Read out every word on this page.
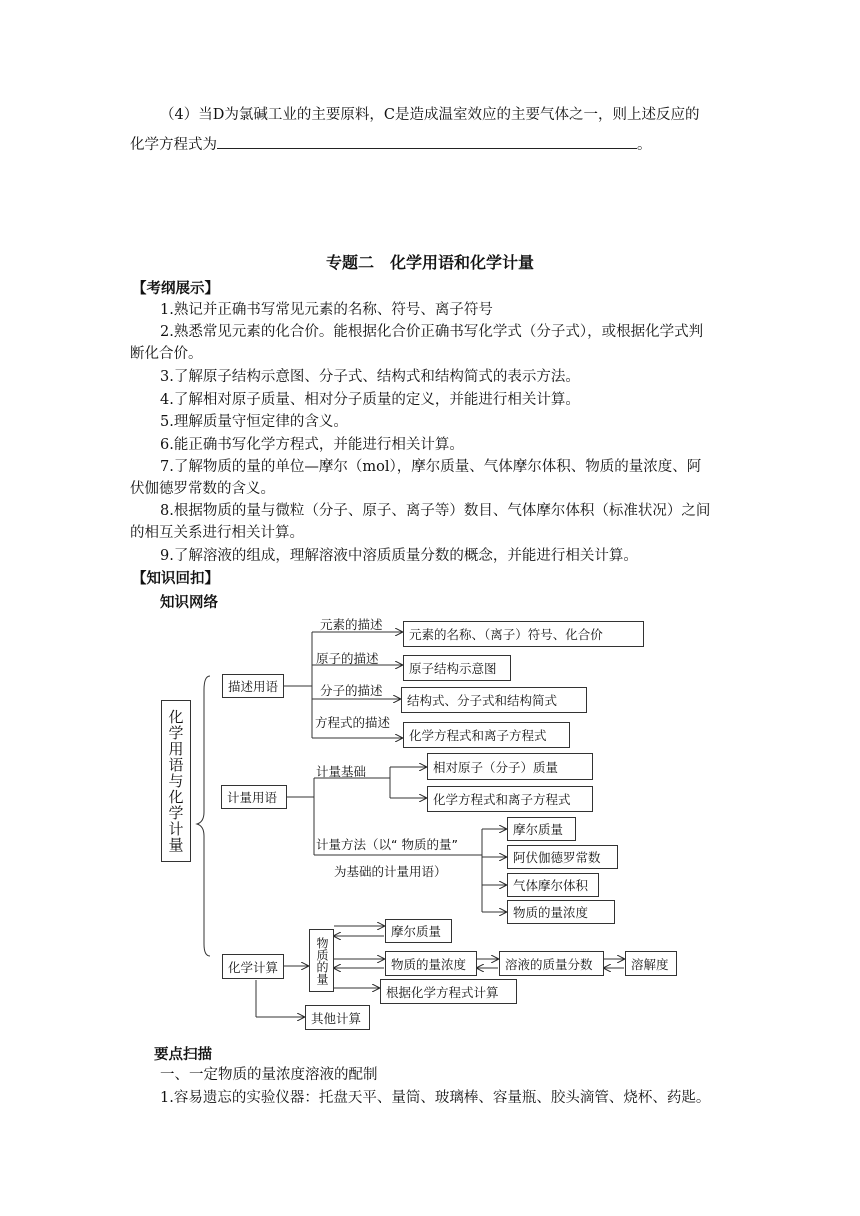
（4）当D为氯碱工业的主要原料，C是造成温室效应的主要气体之一，则上述反应的
化学方程式为	。
专题二　化学用语和化学计量
【考纲展示】
1.熟记并正确书写常见元素的名称、符号、离子符号
2.熟悉常见元素的化合价。能根据化合价正确书写化学式（分子式），或根据化学式判
断化合价。
3.了解原子结构示意图、分子式、结构式和结构简式的表示方法。
4.了解相对原子质量、相对分子质量的定义，并能进行相关计算。
5.理解质量守恒定律的含义。
6.能正确书写化学方程式，并能进行相关计算。
7.了解物质的量的单位—摩尔（mol），摩尔质量、气体摩尔体积、物质的量浓度、阿
伏伽德罗常数的含义。
8.根据物质的量与微粒（分子、原子、离子等）数目、气体摩尔体积（标准状况）之间
的相互关系进行相关计算。
9.了解溶液的组成，理解溶液中溶质质量分数的概念，并能进行相关计算。
【知识回扣】
知识网络
化学用语与化学计量
描述用语
元素的描述
元素的名称、（离子）符号、化合价
原子的描述
原子结构示意图
分子的描述
结构式、分子式和结构简式
方程式的描述
化学方程式和离子方程式
计量用语
计量基础	相对原子（分子）质量
化学方程式和离子方程式
计量方法（以“ 物质的量”
为基础的计量用语）
摩尔质量
阿伏伽德罗常数
气体摩尔体积
物质的量浓度
化学计算	物质的量
摩尔质量
物质的量浓度	溶液的质量分数	溶解度
根据化学方程式计算
其他计算
要点扫描
一、一定物质的量浓度溶液的配制
1.容易遗忘的实验仪器：托盘天平、量筒、玻璃棒、容量瓶、胶头滴管、烧杯、药匙。
